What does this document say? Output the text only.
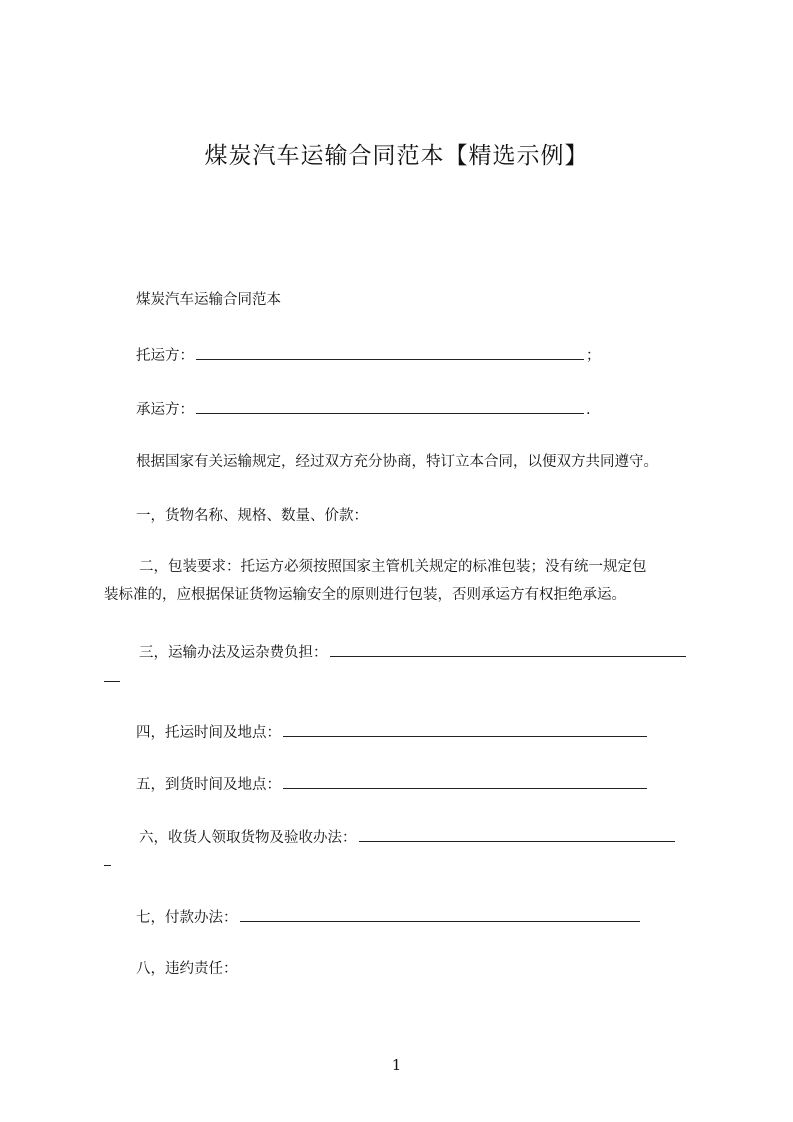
煤炭汽车运输合同范本【精选示例】
煤炭汽车运输合同范本
托运方：	；
承运方：	.
根据国家有关运输规定，经过双方充分协商，特订立本合同，以便双方共同遵守。
一，货物名称、规格、数量、价款：
二，包装要求：托运方必须按照国家主管机关规定的标准包装；没有统一规定包
装标准的，应根据保证货物运输安全的原则进行包装，否则承运方有权拒绝承运。
三，运输办法及运杂费负担：
四，托运时间及地点：
五，到货时间及地点：
六，收货人领取货物及验收办法：
七，付款办法：
八，违约责任：
1
